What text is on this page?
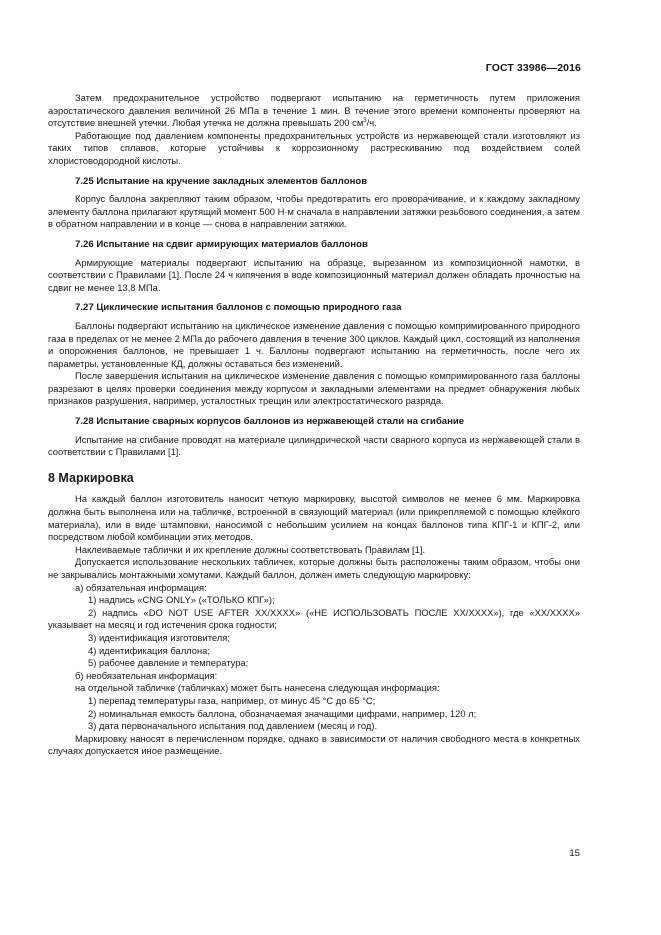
ГОСТ 33986—2016

Затем предохранительное устройство подвергают испытанию на герметичность путем приложения аэростатического давления величиной 26 МПа в течение 1 мин. В течение этого времени компоненты проверяют на отсутствие внешней утечки. Любая утечка не должна превышать 200 $см^3/ч$.

Работающие под давлением компоненты предохранительных устройств из нержавеющей стали изготовляют из таких типов сплавов, которые устойчивы к коррозионному растрескиванию под воздействием солей хлористоводородной кислоты.

7.25 Испытание на кручение закладных элементов баллонов

Корпус баллона закрепляют таким образом, чтобы предотвратить его проворачивание, и к каждому закладному элементу баллона прилагают крутящий момент 500 Н·м сначала в направлении затяжки резьбового соединения, а затем в обратном направлении и в конце — снова в направлении затяжки.

7.26 Испытание на сдвиг армирующих материалов баллонов

Армирующие материалы подвергают испытанию на образце, вырезанном из композиционной намотки, в соответствии с Правилами [1]. После 24 ч кипячения в воде композиционный материал должен обладать прочностью на сдвиг не менее 13,8 МПа.

7.27 Циклические испытания баллонов с помощью природного газа

Баллоны подвергают испытанию на циклическое изменение давления с помощью компримированного природного газа в пределах от не менее 2 МПа до рабочего давления в течение 300 циклов. Каждый цикл, состоящий из наполнения и опорожнения баллонов, не превышает 1 ч. Баллоны подвергают испытанию на герметичность, после чего их параметры, установленные КД, должны оставаться без изменений.

После завершения испытания на циклическое изменение давления с помощью компримированного газа баллоны разрезают в целях проверки соединения между корпусом и закладными элементами на предмет обнаружения любых признаков разрушения, например, усталостных трещин или электростатического разряда.

7.28 Испытание сварных корпусов баллонов из нержавеющей стали на сгибание

Испытание на сгибание проводят на материале цилиндрической части сварного корпуса из нержавеющей стали в соответствии с Правилами [1].

8 Маркировка

На каждый баллон изготовитель наносит четкую маркировку, высотой символов не менее 6 мм. Маркировка должна быть выполнена или на табличке, встроенной в связующий материал (или прикрепляемой с помощью клейкого материала), или в виде штамповки, наносимой с небольшим усилием на концах баллонов типа КПГ-1 и КПГ-2, или посредством любой комбинации этих методов.

Наклеиваемые таблички и их крепление должны соответствовать Правилам [1].

Допускается использование нескольких табличек, которые должны быть расположены таким образом, чтобы они не закрывались монтажными хомутами. Каждый баллон, должен иметь следующую маркировку:

а) обязательная информация:

1) надпись «CNG ONLY» («ТОЛЬКО КПГ»);

2) надпись «DO NOT USE AFTER XX/XXXX» («НЕ ИСПОЛЬЗОВАТЬ ПОСЛЕ XX/XXXX»), где «XX/XXXX» указывает на месяц и год истечения срока годности;

3) идентификация изготовителя;

4) идентификация баллона;

5) рабочее давление и температура;

б) необязательная информация:

на отдельной табличке (табличках) может быть нанесена следующая информация:

1) перепад температуры газа, например, от минус 45 °С до 65 °С;

2) номинальная емкость баллона, обозначаемая значащими цифрами, например, 120 л;

3) дата первоначального испытания под давлением (месяц и год).

Маркировку наносят в перечисленном порядке, однако в зависимости от наличия свободного места в конкретных случаях допускается иное размещение.

15
